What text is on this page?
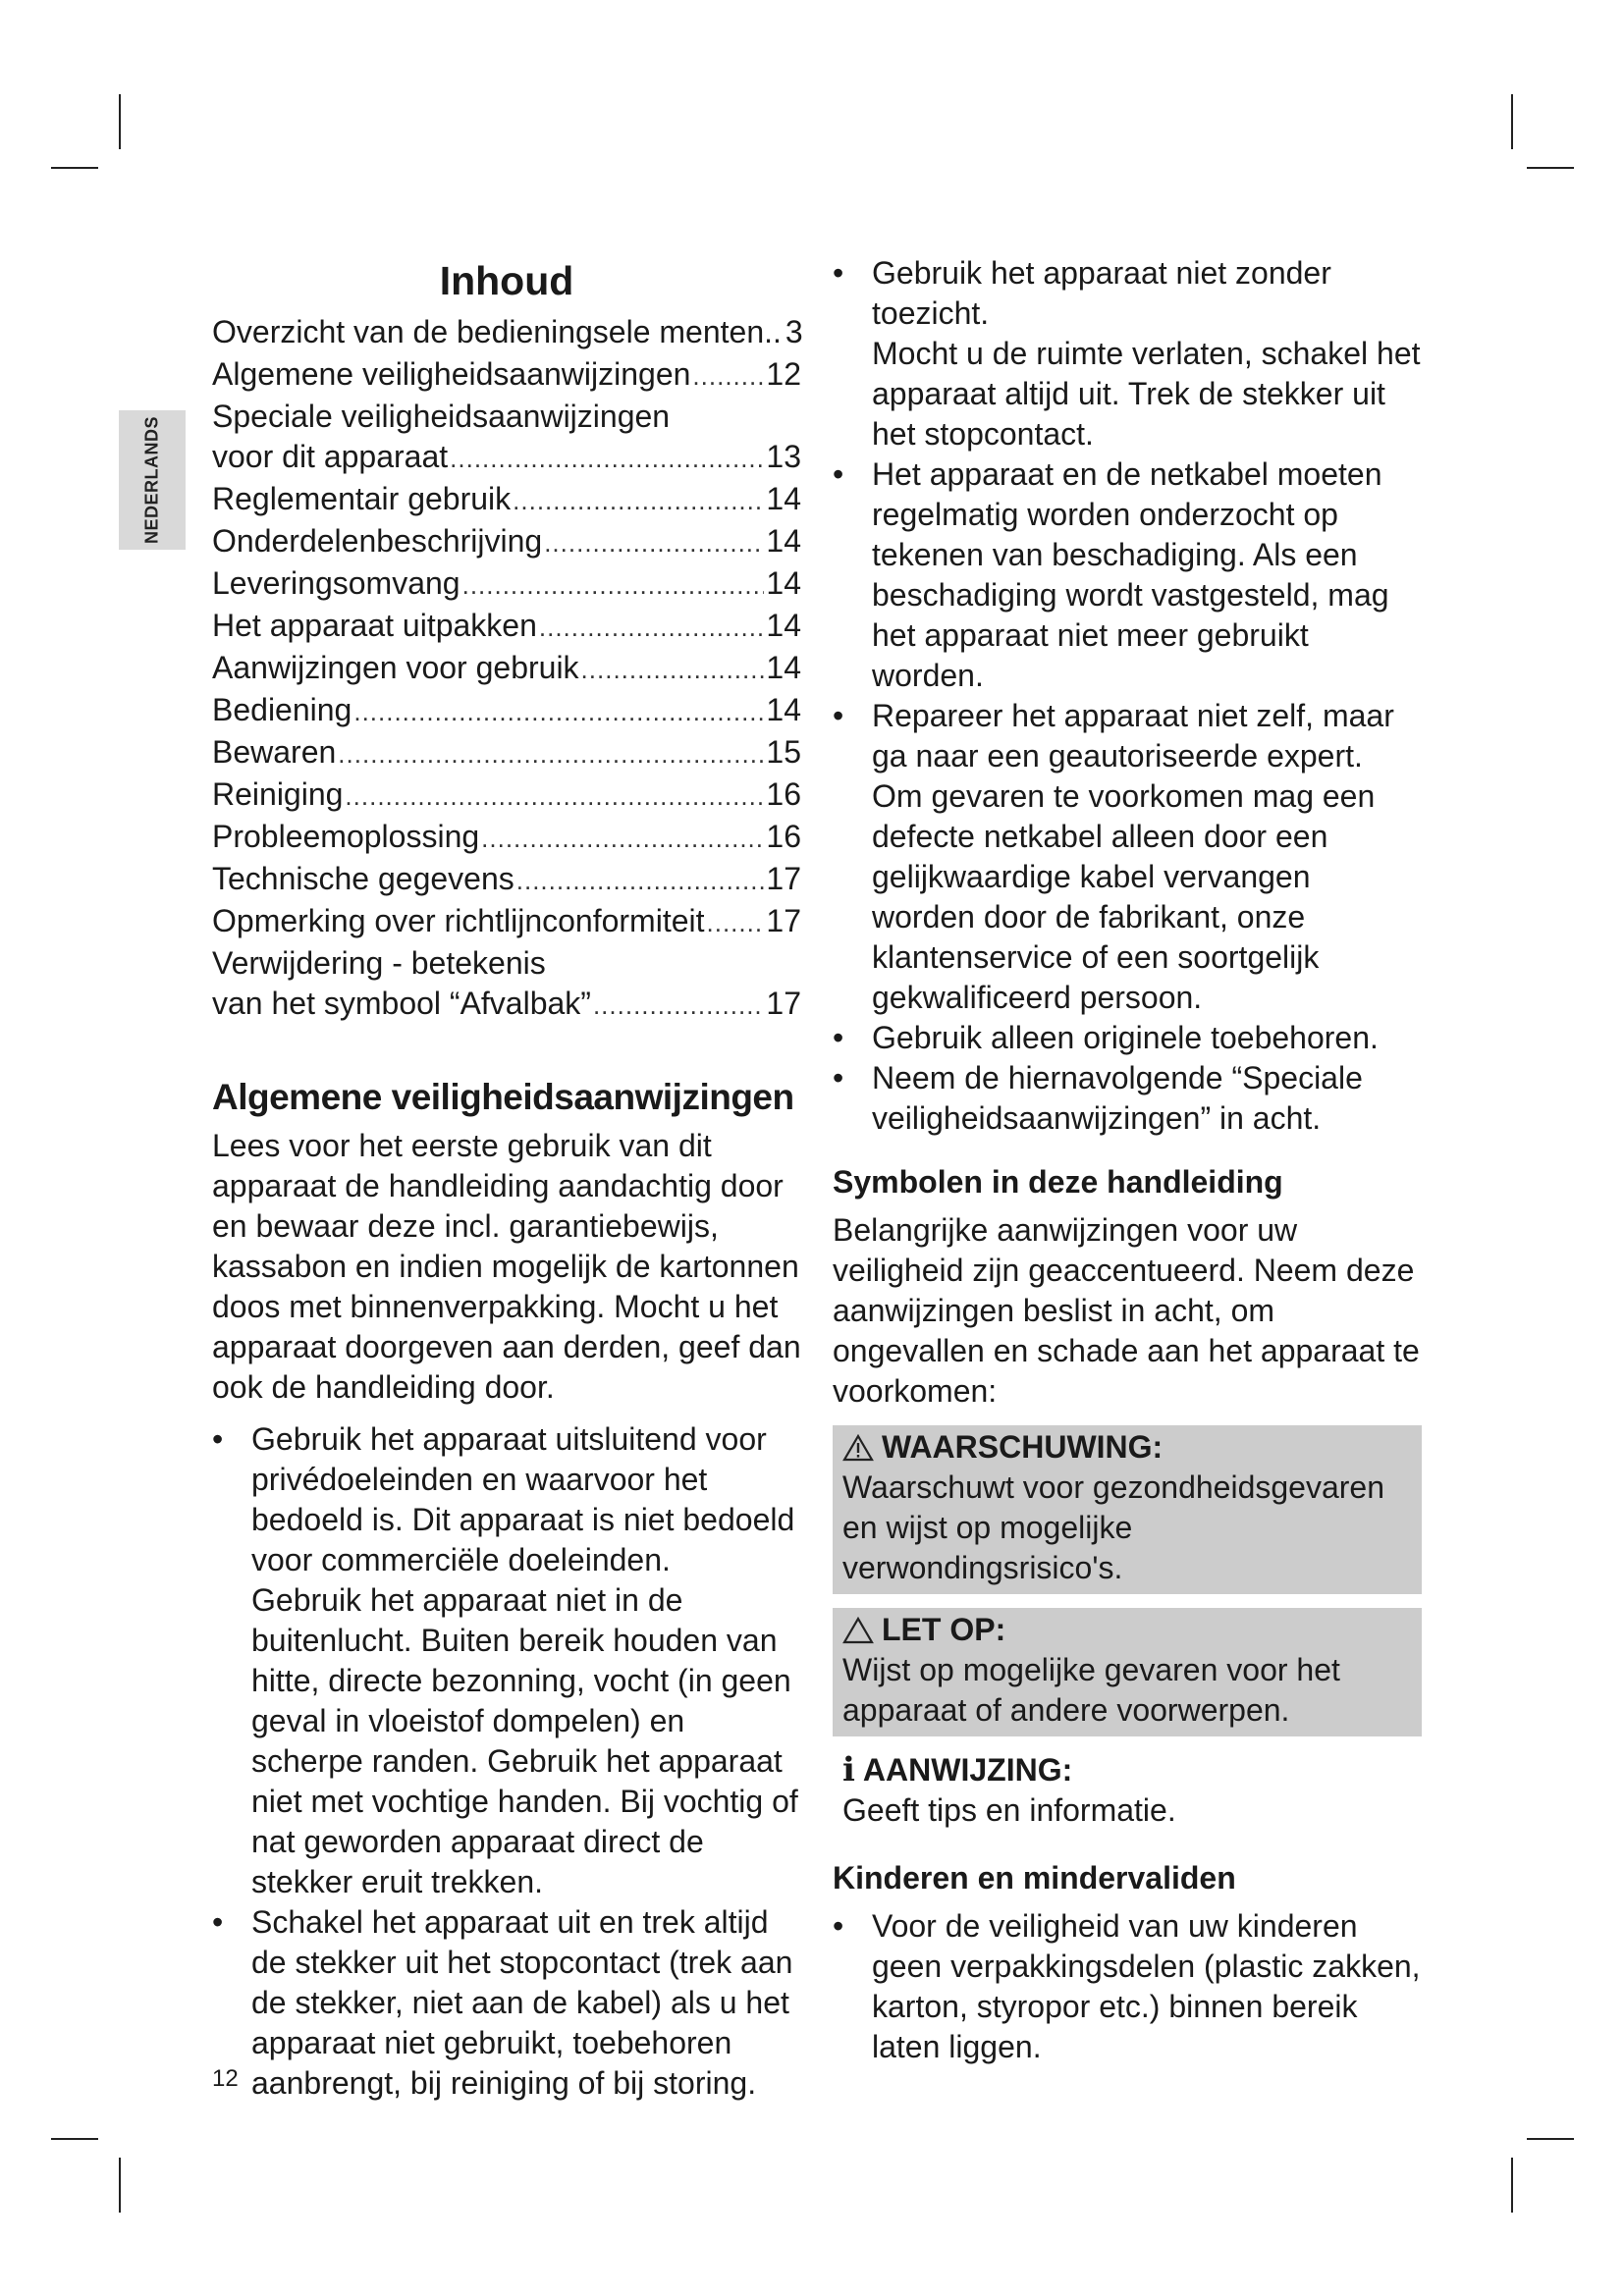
NEDERLANDS
Inhoud
Overzicht van de bedieningsele menten.. 3
Algemene veiligheidsaanwijzingen ..... 12
Speciale veiligheidsaanwijzingen
voor dit apparaat .....	13
Reglementair gebruik .....	14
Onderdelenbeschrijving .....	14
Leveringsomvang .....	14
Het apparaat uitpakken .....	14
Aanwijzingen voor gebruik .....	14
Bediening .....	14
Bewaren .....	15
Reiniging .....	16
Probleemoplossing .....	16
Technische gegevens .....	17
Opmerking over richtlijnconformiteit ..... 17
Verwijdering - betekenis
van het symbool “Afvalbak” .....	17
Algemene veiligheidsaanwijzingen

Lees voor het eerste gebruik van dit apparaat de handleiding aandachtig door en bewaar deze incl. garantiebewijs, kassabon en indien mogelijk de kartonnen doos met binnenverpakking. Mocht u het apparaat doorgeven aan derden, geef dan ook de handleiding door.

• Gebruik het apparaat uitsluitend voor privédoeleinden en waarvoor het bedoeld is. Dit apparaat is niet bedoeld voor commerciële doeleinden.
Gebruik het apparaat niet in de buitenlucht. Buiten bereik houden van hitte, directe bezonning, vocht (in geen geval in vloeistof dompelen) en scherpe randen. Gebruik het apparaat niet met vochtige handen. Bij vochtig of nat geworden apparaat direct de stekker eruit trekken.
• Schakel het apparaat uit en trek altijd de stekker uit het stopcontact (trek aan de stekker, niet aan de kabel) als u het apparaat niet gebruikt, toebehoren aanbrengt, bij reiniging of bij storing.
• Gebruik het apparaat niet zonder toezicht.
Mocht u de ruimte verlaten, schakel het apparaat altijd uit. Trek de stekker uit het stopcontact.
• Het apparaat en de netkabel moeten regelmatig worden onderzocht op tekenen van beschadiging. Als een beschadiging wordt vastgesteld, mag het apparaat niet meer gebruikt worden.
• Repareer het apparaat niet zelf, maar ga naar een geautoriseerde expert. Om gevaren te voorkomen mag een defecte netkabel alleen door een gelijkwaardige kabel vervangen worden door de fabrikant, onze klantenservice of een soortgelijk gekwalificeerd persoon.
• Gebruik alleen originele toebehoren.
• Neem de hiernavolgende “Speciale veiligheidsaanwijzingen” in acht.
Symbolen in deze handleiding

Belangrijke aanwijzingen voor uw veiligheid zijn geaccentueerd. Neem deze aanwijzingen beslist in acht, om ongevallen en schade aan het apparaat te voorkomen:

WAARSCHUWING:

Waarschuwt voor gezondheidsgevaren en wijst op mogelijke verwondingsrisico's.

LET OP:

Wijst op mogelijke gevaren voor het apparaat of andere voorwerpen.

i AANWIJZING:

Geeft tips en informatie.

Kinderen en mindervaliden
• Voor de veiligheid van uw kinderen geen verpakkingsdelen (plastic zakken, karton, styropor etc.) binnen bereik laten liggen.
12
